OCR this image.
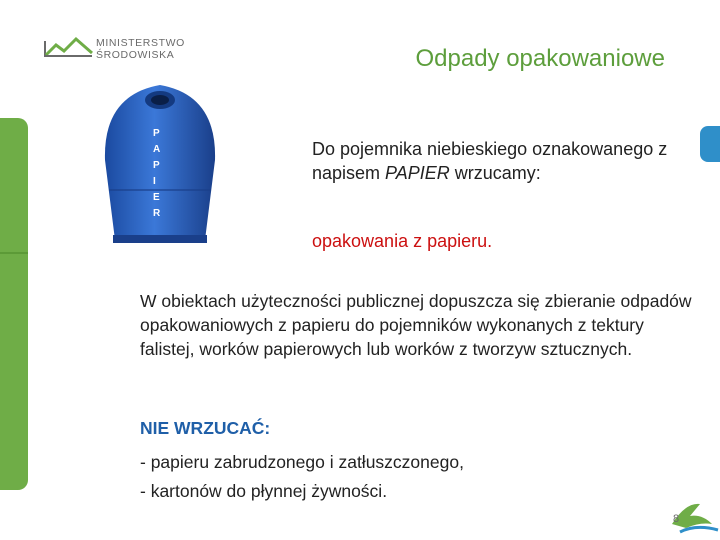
MINISTERSTWO
ŚRODOWISKA	Odpady opakowaniowe
P
A
P
I
E
R
Do pojemnika niebieskiego oznakowanego z napisem PAPIER wrzucamy:
opakowania z papieru.
W obiektach użyteczności publicznej dopuszcza się zbieranie odpadów opakowaniowych z papieru do pojemników wykonanych z tektury falistej, worków papierowych lub worków z tworzyw sztucznych.
NIE WRZUCAĆ:
- papieru zabrudzonego i zatłuszczonego,
- kartonów do płynnej żywności.
8
